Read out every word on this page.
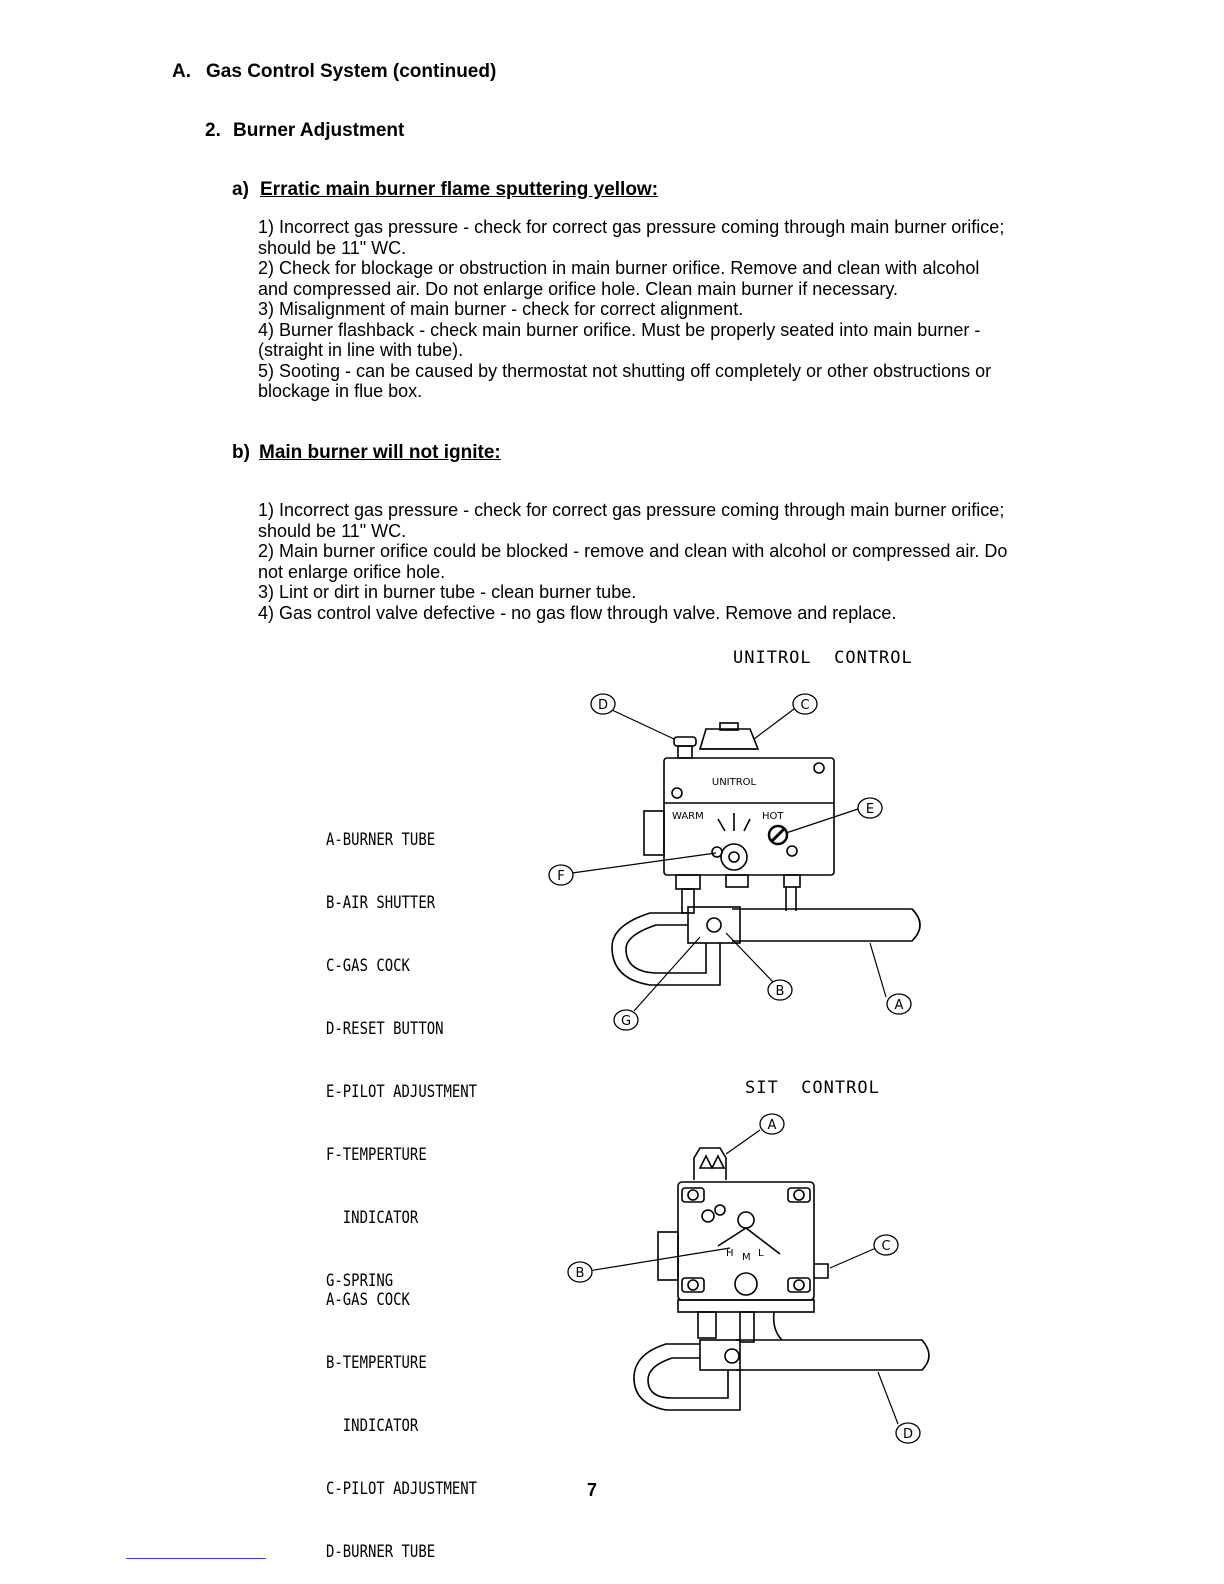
A. Gas Control System (continued)
2. Burner Adjustment
a) Erratic main burner flame sputtering yellow:
1) Incorrect gas pressure - check for correct gas pressure coming through main burner orifice;
should be 11" WC.
2) Check for blockage or obstruction in main burner orifice. Remove and clean with alcohol
and compressed air. Do not enlarge orifice hole. Clean main burner if necessary.
3) Misalignment of main burner - check for correct alignment.
4) Burner flashback - check main burner orifice. Must be properly seated into main burner -
(straight in line with tube).
5) Sooting - can be caused by thermostat not shutting off completely or other obstructions or
blockage in flue box.
b) Main burner will not ignite:
1) Incorrect gas pressure - check for correct gas pressure coming through main burner orifice;
should be 11" WC.
2) Main burner orifice could be blocked - remove and clean with alcohol or compressed air. Do
not enlarge orifice hole.
3) Lint or dirt in burner tube - clean burner tube.
4) Gas control valve defective - no gas flow through valve. Remove and replace.
UNITROL  CONTROL

A-BURNER TUBE

B-AIR SHUTTER

C-GAS COCK

D-RESET BUTTON

E-PILOT ADJUSTMENT

F-TEMPERTURE

INDICATOR

G-SPRING

UNITROL
WARM	HOT
D	C
E
F
B
A
G
SIT  CONTROL

A-GAS COCK

B-TEMPERTURE

INDICATOR

C-PILOT ADJUSTMENT

D-BURNER TUBE

H M L
A
B
C
D
7
